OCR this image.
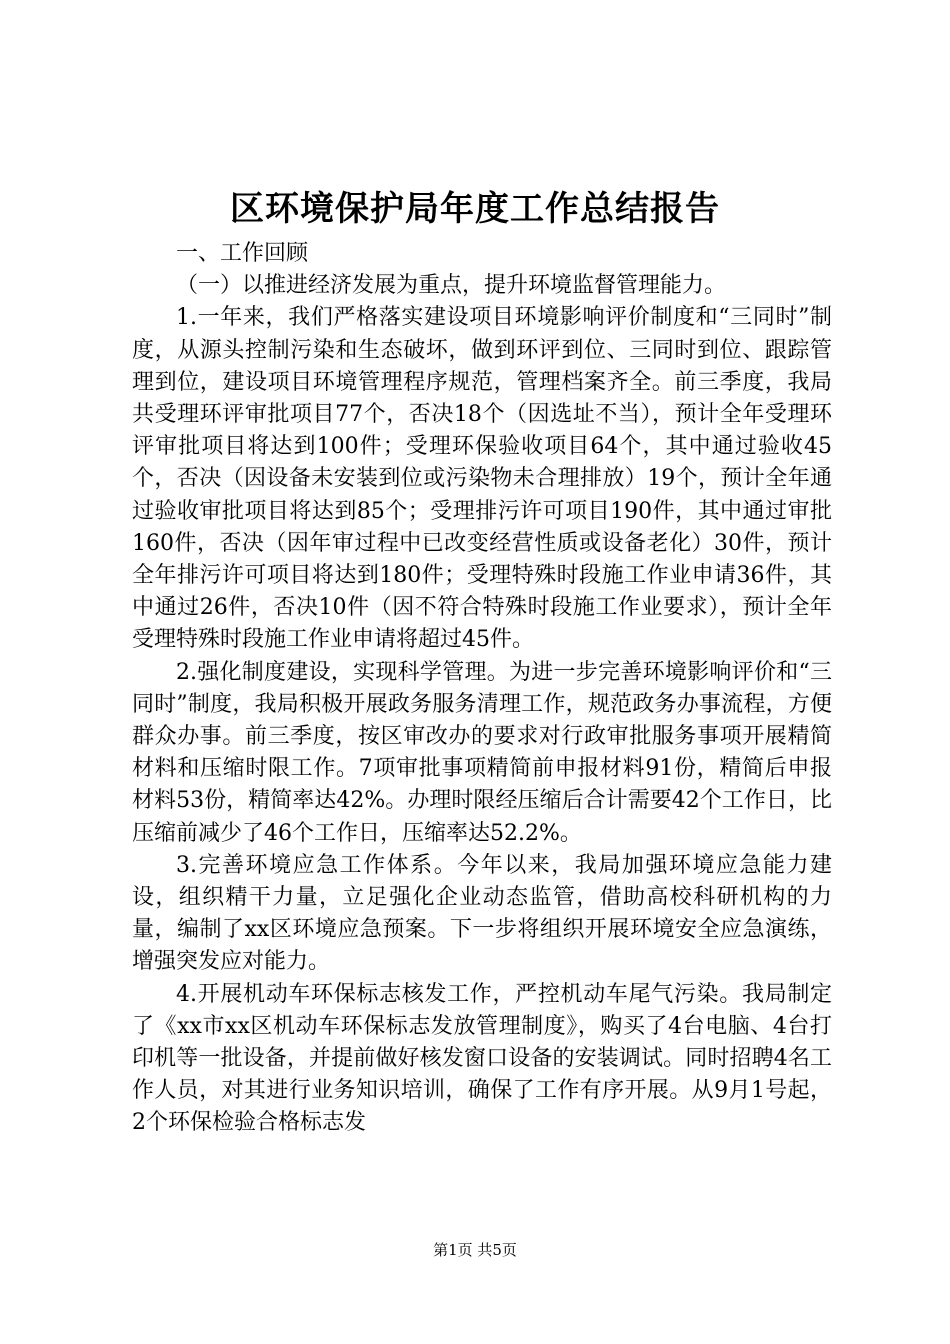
区环境保护局年度工作总结报告

一、工作回顾

（一）以推进经济发展为重点，提升环境监督管理能力。

1.一年来，我们严格落实建设项目环境影响评价制度和“三同时”制度，从源头控制污染和生态破坏，做到环评到位、三同时到位、跟踪管理到位，建设项目环境管理程序规范，管理档案齐全。前三季度，我局共受理环评审批项目77个，否决18个（因选址不当），预计全年受理环评审批项目将达到100件；受理环保验收项目64个，其中通过验收45个，否决（因设备未安装到位或污染物未合理排放）19个，预计全年通过验收审批项目将达到85个；受理排污许可项目190件，其中通过审批160件，否决（因年审过程中已改变经营性质或设备老化）30件，预计全年排污许可项目将达到180件；受理特殊时段施工作业申请36件，其中通过26件，否决10件（因不符合特殊时段施工作业要求），预计全年受理特殊时段施工作业申请将超过45件。

2.强化制度建设，实现科学管理。为进一步完善环境影响评价和“三同时”制度，我局积极开展政务服务清理工作，规范政务办事流程，方便群众办事。前三季度，按区审改办的要求对行政审批服务事项开展精简材料和压缩时限工作。7项审批事项精简前申报材料91份，精简后申报材料53份，精简率达42%。办理时限经压缩后合计需要42个工作日，比压缩前减少了46个工作日，压缩率达52.2%。

3.完善环境应急工作体系。今年以来，我局加强环境应急能力建设，组织精干力量，立足强化企业动态监管，借助高校科研机构的力量，编制了xx区环境应急预案。下一步将组织开展环境安全应急演练，增强突发应对能力。

4.开展机动车环保标志核发工作，严控机动车尾气污染。我局制定了《xx市xx区机动车环保标志发放管理制度》，购买了4台电脑、4台打印机等一批设备，并提前做好核发窗口设备的安装调试。同时招聘4名工作人员，对其进行业务知识培训，确保了工作有序开展。从9月1号起，2个环保检验合格标志发

第1页 共5页
